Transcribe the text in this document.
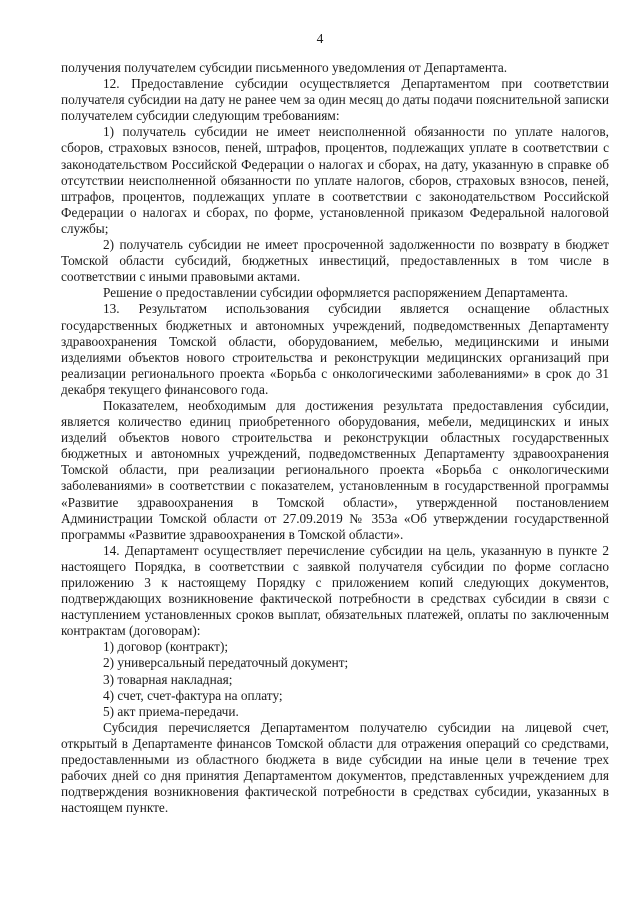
4

получения получателем субсидии письменного уведомления от Департамента.

12. Предоставление субсидии осуществляется Департаментом при соответствии получателя субсидии на дату не ранее чем за один месяц до даты подачи пояснительной записки получателем субсидии следующим требованиям:

1) получатель субсидии не имеет неисполненной обязанности по уплате налогов, сборов, страховых взносов, пеней, штрафов, процентов, подлежащих уплате в соответствии с законодательством Российской Федерации о налогах и сборах, на дату, указанную в справке об отсутствии неисполненной обязанности по уплате налогов, сборов, страховых взносов, пеней, штрафов, процентов, подлежащих уплате в соответствии с законодательством Российской Федерации о налогах и сборах, по форме, установленной приказом Федеральной налоговой службы;

2) получатель субсидии не имеет просроченной задолженности по возврату в бюджет Томской области субсидий, бюджетных инвестиций, предоставленных в том числе в соответствии с иными правовыми актами.

Решение о предоставлении субсидии оформляется распоряжением Департамента.

13. Результатом использования субсидии является оснащение областных государственных бюджетных и автономных учреждений, подведомственных Департаменту здравоохранения Томской области, оборудованием, мебелью, медицинскими и иными изделиями объектов нового строительства и реконструкции медицинских организаций при реализации регионального проекта «Борьба с онкологическими заболеваниями» в срок до 31 декабря текущего финансового года.

Показателем, необходимым для достижения результата предоставления субсидии, является количество единиц приобретенного оборудования, мебели, медицинских и иных изделий объектов нового строительства и реконструкции областных государственных бюджетных и автономных учреждений, подведомственных Департаменту здравоохранения Томской области, при реализации регионального проекта «Борьба с онкологическими заболеваниями» в соответствии с показателем, установленным в государственной программы «Развитие здравоохранения в Томской области», утвержденной постановлением Администрации Томской области от 27.09.2019 № 353а «Об утверждении государственной программы «Развитие здравоохранения в Томской области».

14. Департамент осуществляет перечисление субсидии на цель, указанную в пункте 2 настоящего Порядка, в соответствии с заявкой получателя субсидии по форме согласно приложению 3 к настоящему Порядку с приложением копий следующих документов, подтверждающих возникновение фактической потребности в средствах субсидии в связи с наступлением установленных сроков выплат, обязательных платежей, оплаты по заключенным контрактам (договорам):

1) договор (контракт);

2) универсальный передаточный документ;

3) товарная накладная;

4) счет, счет-фактура на оплату;

5) акт приема-передачи.

Субсидия перечисляется Департаментом получателю субсидии на лицевой счет, открытый в Департаменте финансов Томской области для отражения операций со средствами, предоставленными из областного бюджета в виде субсидии на иные цели в течение трех рабочих дней со дня принятия Департаментом документов, представленных учреждением для подтверждения возникновения фактической потребности в средствах субсидии, указанных в настоящем пункте.
